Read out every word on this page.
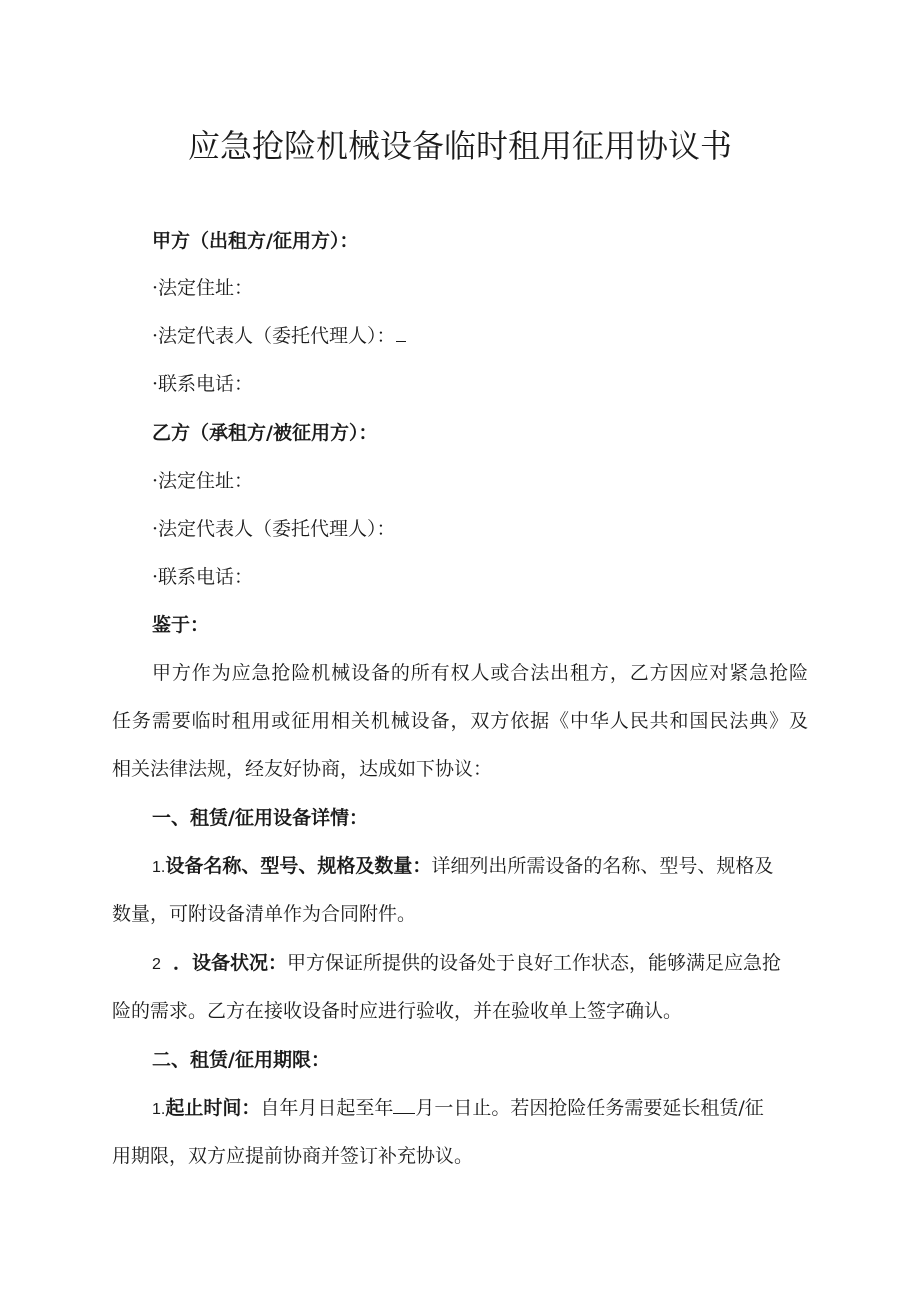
应急抢险机械设备临时租用征用协议书
甲方（出租方/征用方）：
·法定住址：
·法定代表人（委托代理人）：
·联系电话：
乙方（承租方/被征用方）：
·法定住址：
·法定代表人（委托代理人）：
·联系电话：
鉴于：
甲方作为应急抢险机械设备的所有权人或合法出租方，乙方因应对紧急抢险
任务需要临时租用或征用相关机械设备，双方依据《中华人民共和国民法典》及
相关法律法规，经友好协商，达成如下协议：
一、租赁/征用设备详情：
1.设备名称、型号、规格及数量：详细列出所需设备的名称、型号、规格及
数量，可附设备清单作为合同附件。
2 ．设备状况：甲方保证所提供的设备处于良好工作状态，能够满足应急抢
险的需求。乙方在接收设备时应进行验收，并在验收单上签字确认。
二、租赁/征用期限：
1.起止时间：自年月日起至年 月一日止。若因抢险任务需要延长租赁/征
用期限，双方应提前协商并签订补充协议。
